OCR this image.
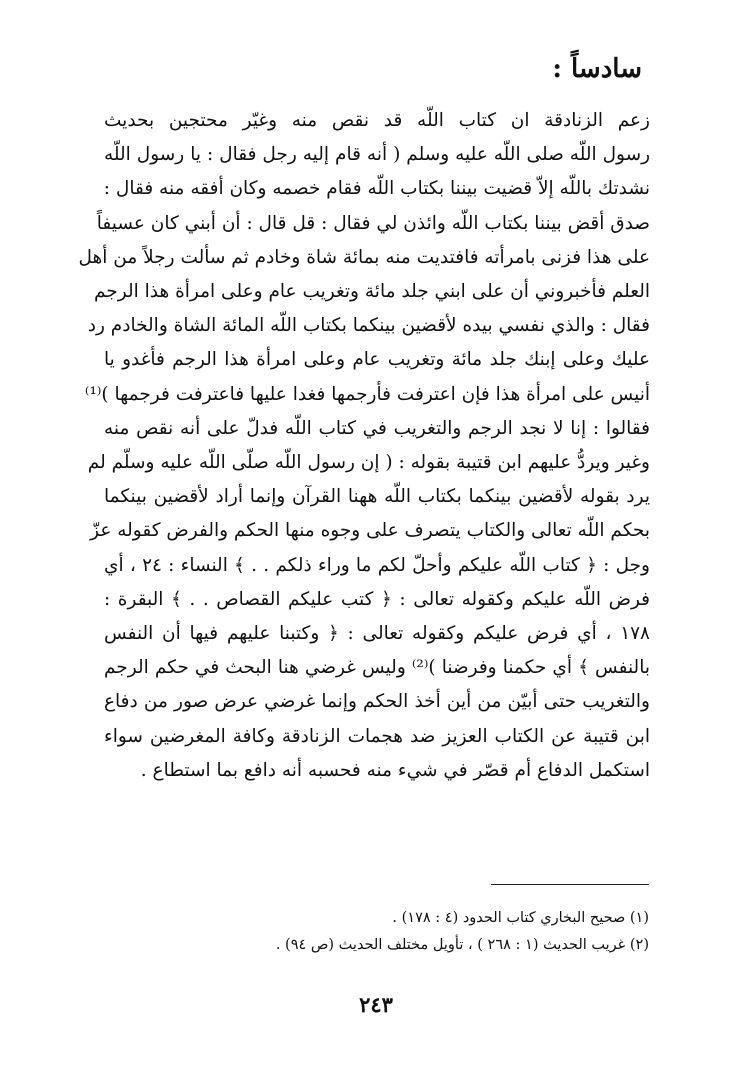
سادساً :
زعم الزنادقة ان كتاب اللّه قد نقص منه وغيّر محتجين بحديث
رسول اللّه صلى اللّه عليه وسلم ( أنه قام إليه رجل فقال : يا رسول اللّه
نشدتك باللّه إلاّ قضيت بيننا بكتاب اللّه فقام خصمه وكان أفقه منه فقال :
صدق أقض بيننا بكتاب اللّه وائذن لي فقال : قل قال : أن أبني كان عسيفاً
على هذا فزنى بامرأته فافتديت منه بمائة شاة وخادم ثم سألت رجلاً من أهل
العلم فأخبروني أن على ابني جلد مائة وتغريب عام وعلى امرأة هذا الرجم
فقال : والذي نفسي بيده لأقضين بينكما بكتاب اللّه المائة الشاة والخادم رد
عليك وعلى إبنك جلد مائة وتغريب عام وعلى امرأة هذا الرجم فأغدو يا
أنيس على امرأة هذا فإن اعترفت فأرجمها فغدا عليها فاعترفت فرجمها )⁽¹⁾
فقالوا : إنا لا نجد الرجم والتغريب في كتاب اللّه فدلّ على أنه نقص منه
وغير ويردُّ عليهم ابن قتيبة بقوله : ( إن رسول اللّه صلّى اللّه عليه وسلّم لم
يرد بقوله لأقضين بينكما بكتاب اللّه ههنا القرآن وإنما أراد لأقضين بينكما
بحكم اللّه تعالى والكتاب يتصرف على وجوه منها الحكم والفرض كقوله عزّ
وجل : ﴿ كتاب اللّه عليكم وأحلّ لكم ما وراء ذلكم . . ﴾ النساء : ٢٤ ، أي
فرض اللّه عليكم وكقوله تعالى : ﴿ كتب عليكم القصاص . . ﴾ البقرة :
١٧٨ ، أي فرض عليكم وكقوله تعالى : ﴿ وكتبنا عليهم فيها أن النفس
بالنفس ﴾ أي حكمنا وفرضنا )⁽²⁾ وليس غرضي هنا البحث في حكم الرجم
والتغريب حتى أبيّن من أين أخذ الحكم وإنما غرضي عرض صور من دفاع
ابن قتيبة عن الكتاب العزيز ضد هجمات الزنادقة وكافة المغرضين سواء
استكمل الدفاع أم قصّر في شيء منه فحسبه أنه دافع بما استطاع .
(١) صحيح البخاري كتاب الحدود (٤ : ١٧٨) .
(٢) غريب الحديث (١ : ٢٦٨ ) ، تأويل مختلف الحديث (ص ٩٤) .
٢٤٣
